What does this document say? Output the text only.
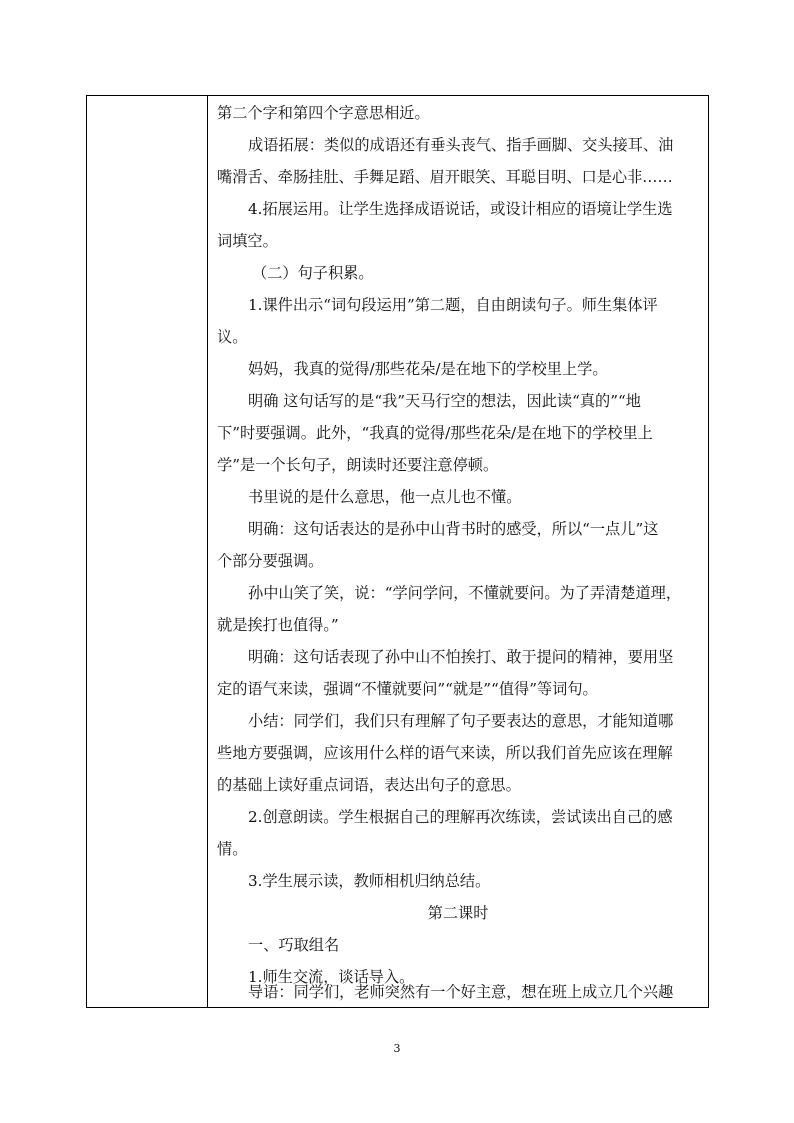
第二个字和第四个字意思相近。
成语拓展：类似的成语还有垂头丧气、指手画脚、交头接耳、油
嘴滑舌、牵肠挂肚、手舞足蹈、眉开眼笑、耳聪目明、口是心非……
4.拓展运用。让学生选择成语说话，或设计相应的语境让学生选
词填空。
（二）句子积累。
1.课件出示“词句段运用”第二题，自由朗读句子。师生集体评
议。
妈妈，我真的觉得/那些花朵/是在地下的学校里上学。
明确 这句话写的是“我”天马行空的想法，因此读“真的”“地
下”时要强调。此外，“我真的觉得/那些花朵/是在地下的学校里上
学”是一个长句子，朗读时还要注意停顿。
书里说的是什么意思，他一点儿也不懂。
明确：这句话表达的是孙中山背书时的感受，所以“一点儿”这
个部分要强调。
孙中山笑了笑，说：“学问学问，不懂就要问。为了弄清楚道理，
就是挨打也值得。”
明确：这句话表现了孙中山不怕挨打、敢于提问的精神，要用坚
定的语气来读，强调“不懂就要问”“就是”“值得”等词句。
小结：同学们，我们只有理解了句子要表达的意思，才能知道哪
些地方要强调，应该用什么样的语气来读，所以我们首先应该在理解
的基础上读好重点词语，表达出句子的意思。
2.创意朗读。学生根据自己的理解再次练读，尝试读出自己的感
情。
3.学生展示读，教师相机归纳总结。
第二课时
一、巧取组名
1.师生交流，谈话导入。
导语：同学们，老师突然有一个好主意，想在班上成立几个兴趣
3
